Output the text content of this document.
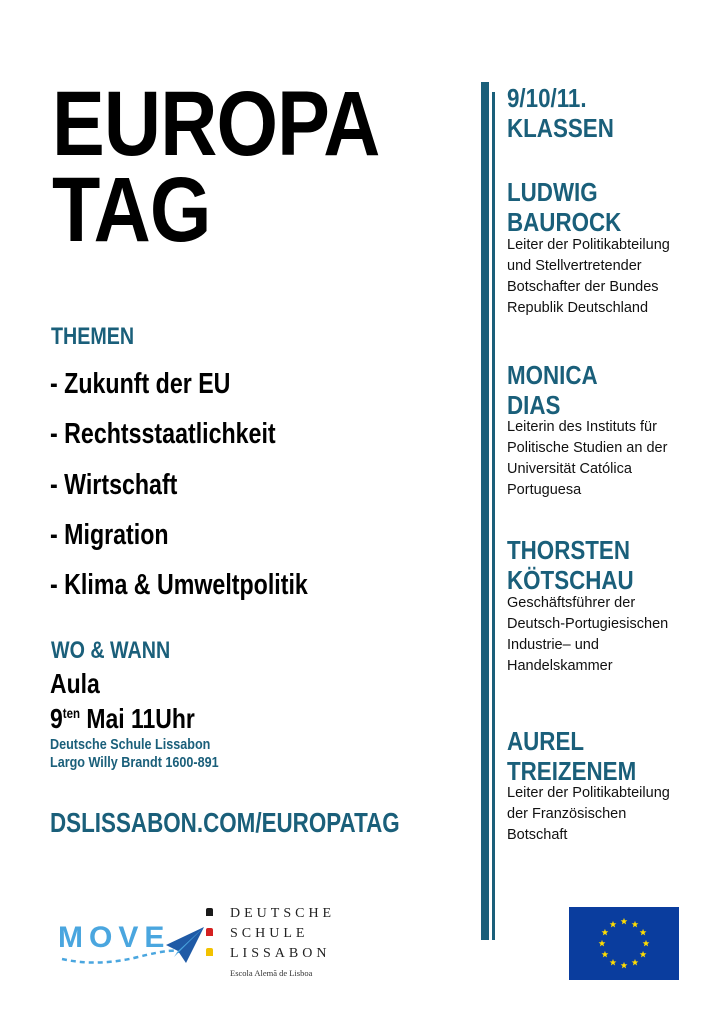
EUROPA
TAG
THEMEN
- Zukunft der EU
- Rechtsstaatlichkeit
- Wirtschaft
- Migration
- Klima & Umweltpolitik
WO & WANN
Aula
$9^{ten}$ Mai 11Uhr
Deutsche Schule Lissabon
Largo Willy Brandt 1600-891
DSLISSABON.COM/EUROPATAG
9/10/11.
KLASSEN
LUDWIG
BAUROCK
Leiter der Politikabteilung
und Stellvertretender
Botschafter der Bundes
Republik Deutschland
MONICA
DIAS
Leiterin des Instituts für
Politische Studien an der
Universität Católica
Portuguesa
THORSTEN
KÖTSCHAU
Geschäftsführer der
Deutsch-Portugiesischen
Industrie– und
Handelskammer
AUREL
TREIZENEM
Leiter der Politikabteilung
der Französischen
Botschaft
MOVE
DEUTSCHE
SCHULE
LISSABON
Escola Alemã de Lisboa
